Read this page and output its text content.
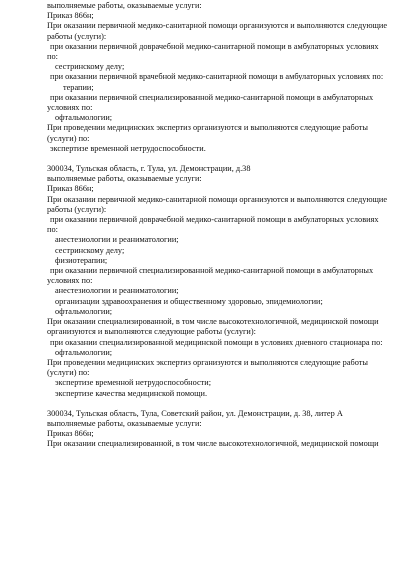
выполняемые работы, оказываемые услуги:
Приказ 866н;
При оказании первичной медико-санитарной помощи организуются и выполняются следующие
работы (услуги):
при оказании первичной доврачебной медико-санитарной помощи в амбулаторных условиях
по:
сестринскому делу;
при оказании первичной врачебной медико-санитарной помощи в амбулаторных условиях по:
терапии;
при оказании первичной специализированной медико-санитарной помощи в амбулаторных
условиях по:
офтальмологии;
При проведении медицинских экспертиз организуются и выполняются следующие работы
(услуги) по:
экспертизе временной нетрудоспособности.
300034, Тульская область, г. Тула, ул. Демонстрации, д.38
выполняемые работы, оказываемые услуги:
Приказ 866н;
При оказании первичной медико-санитарной помощи организуются и выполняются следующие
работы (услуги):
при оказании первичной доврачебной медико-санитарной помощи в амбулаторных условиях
по:
анестезиологии и реаниматологии;
сестринскому делу;
физиотерапии;
при оказании первичной специализированной медико-санитарной помощи в амбулаторных
условиях по:
анестезиологии и реаниматологии;
организации здравоохранения и общественному здоровью, эпидемиологии;
офтальмологии;
При оказании специализированной, в том числе высокотехнологичной, медицинской помощи
организуются и выполняются следующие работы (услуги):
при оказании специализированной медицинской помощи в условиях дневного стационара по:
офтальмологии;
При проведении медицинских экспертиз организуются и выполняются следующие работы
(услуги) по:
экспертизе временной нетрудоспособности;
экспертизе качества медицинской помощи.
300034, Тульская область, Тула, Советский район, ул. Демонстрации, д. 38, литер А
выполняемые работы, оказываемые услуги:
Приказ 866н;
При оказании специализированной, в том числе высокотехнологичной, медицинской помощи
